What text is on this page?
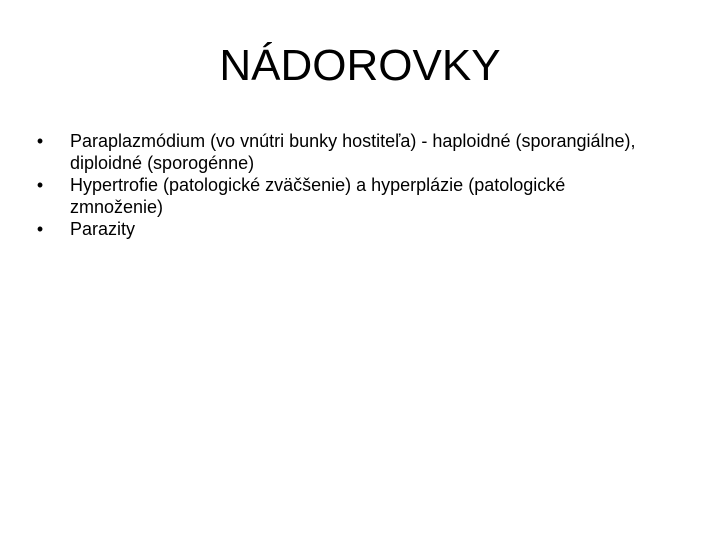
NÁDOROVKY
•	Paraplazmódium (vo vnútri bunky hostiteľa) - haploidné (sporangiálne), diploidné (sporogénne)
•	Hypertrofie (patologické zväčšenie) a hyperplázie (patologické zmnoženie)
•	Parazity
